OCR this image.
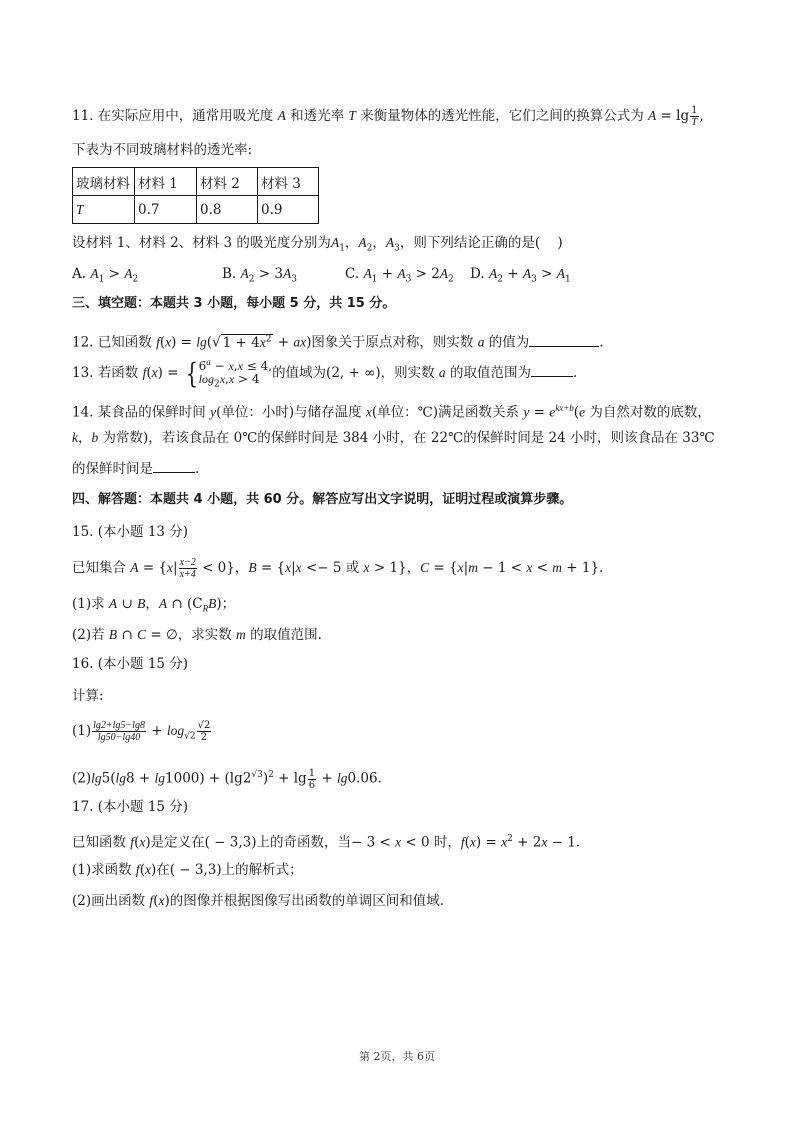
11. 在实际应用中，通常用吸光度 A 和透光率 T 来衡量物体的透光性能，它们之间的换算公式为 $A = \lg \frac{1}{T}$ ,
下表为不同玻璃材料的透光率:
玻璃材料	材料 1	材料 2	材料 3
T	0.7	0.8	0.9
设材料 1、材料 2、材料 3 的吸光度分别为$A_1$，$A_2$，$A_3$，则下列结论正确的是(    )
A. $A_1 > A_2$	B. $A_2 > 3A_3$	C. $A_1 + A_3 > 2A_2$ D. $A_2 + A_3 > A_1$
三、填空题：本题共 3 小题，每小题 5 分，共 15 分。
12. 已知函数 f(x) = lg(√ $1 + 4x^2 + ax$)图象关于原点对称，则实数 a 的值为	.
13. 若函数 f(x) = { $6^a - x,x \le 4$,
$\log_2x,x > 4$ 的值域为(2, + ∞)，则实数 a 的取值范围为	.
14. 某食品的保鲜时间 y(单位：小时)与储存温度 x(单位：℃)满足函数关系 $y = e^{kx+b}(e$ 为自然对数的底数，
k，b 为常数)，若该食品在 0℃的保鲜时间是 384 小时，在 22℃的保鲜时间是 24 小时，则该食品在 33℃
的保鲜时间是	.
四、解答题：本题共 4 小题，共 60 分。解答应写出文字说明，证明过程或演算步骤。
15. (本小题 13 分)
已知集合 $A = \{x| \frac{x-2}{x+4} < 0\}$，B = {x|x <− 5 或 x > 1}，C = {x|m − 1 < x < m + 1}.
(1)求 A ∪ B，A ∩ $(C_RB)$；
(2)若 B ∩ C = ∅，求实数 m 的取值范围.
16. (本小题 15 分)
计算:
$(1) \frac{\lg 2+\lg 5-\lg 8}{\lg 50-\lg 40} + \log_{√2} \frac{√2}{2}$
$(2)\lg 5(\lg 8 + \lg 1000) + (\lg 2^{√3})^2 + \lg \frac{1}{6} + \lg 0.06$.
17. (本小题 15 分)
已知函数 f(x)是定义在( − 3,3)上的奇函数，当− 3 < x < 0 时，$f(x) = x^2 + 2x - 1$.
(1)求函数 f(x)在( − 3,3)上的解析式；
(2)画出函数 f(x)的图像并根据图像写出函数的单调区间和值域.
第 2页，共 6页
